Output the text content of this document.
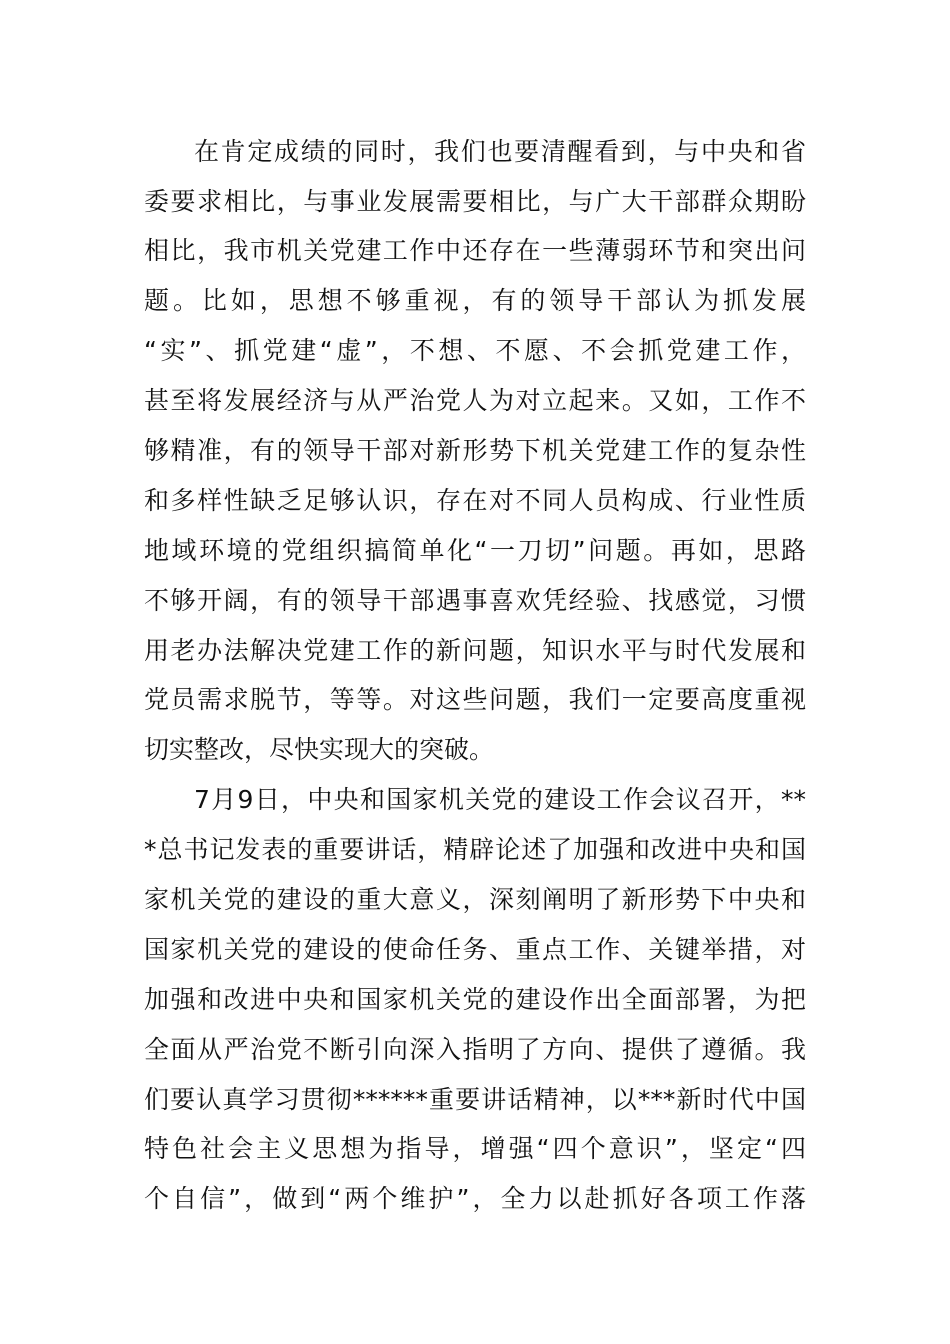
在肯定成绩的同时，我们也要清醒看到，与中央和省
委要求相比，与事业发展需要相比，与广大干部群众期盼
相比，我市机关党建工作中还存在一些薄弱环节和突出问
题。比如，思想不够重视，有的领导干部认为抓发展
“实”、抓党建“虚”，不想、不愿、不会抓党建工作，
甚至将发展经济与从严治党人为对立起来。又如，工作不
够精准，有的领导干部对新形势下机关党建工作的复杂性
和多样性缺乏足够认识，存在对不同人员构成、行业性质
地域环境的党组织搞简单化“一刀切”问题。再如，思路
不够开阔，有的领导干部遇事喜欢凭经验、找感觉，习惯
用老办法解决党建工作的新问题，知识水平与时代发展和
党员需求脱节，等等。对这些问题，我们一定要高度重视
切实整改，尽快实现大的突破。
7月9日，中央和国家机关党的建设工作会议召开，**
*总书记发表的重要讲话，精辟论述了加强和改进中央和国
家机关党的建设的重大意义，深刻阐明了新形势下中央和
国家机关党的建设的使命任务、重点工作、关键举措，对
加强和改进中央和国家机关党的建设作出全面部署，为把
全面从严治党不断引向深入指明了方向、提供了遵循。我
们要认真学习贯彻******重要讲话精神，以***新时代中国
特色社会主义思想为指导，增强“四个意识”，坚定“四
个自信”，做到“两个维护”，全力以赴抓好各项工作落
